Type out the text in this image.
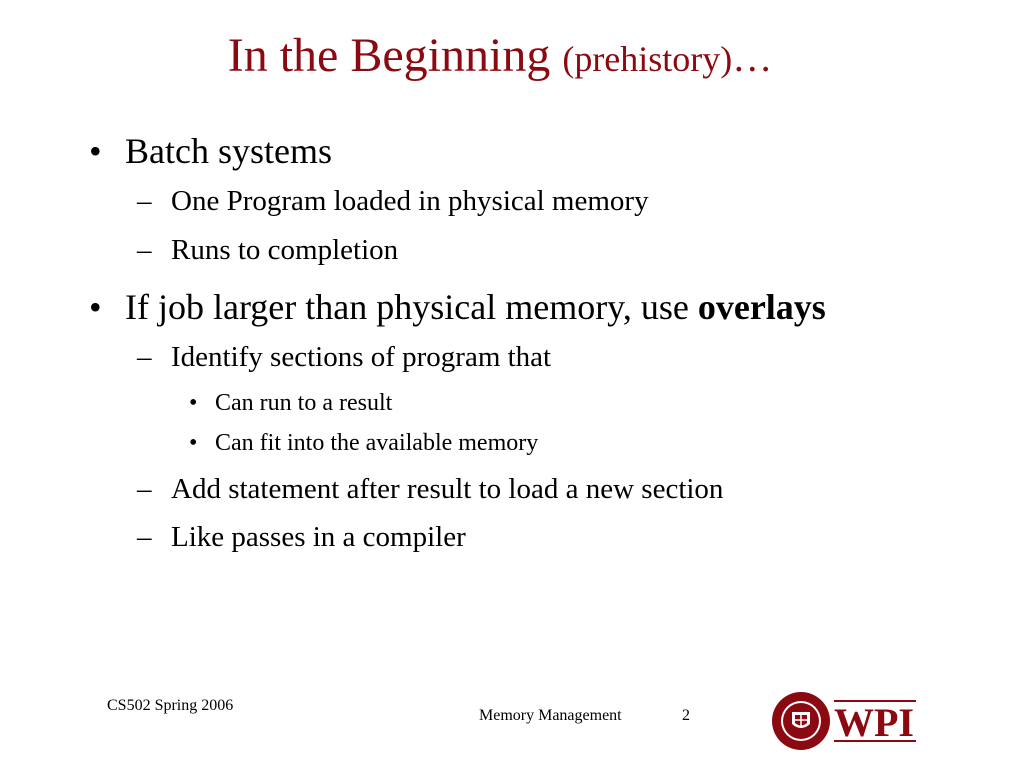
In the Beginning (prehistory)…
• Batch systems
– One Program loaded in physical memory
– Runs to completion
• If job larger than physical memory, use overlays
– Identify sections of program that
• Can run to a result
• Can fit into the available memory
– Add statement after result to load a new section
– Like passes in a compiler
CS502 Spring 2006
Memory Management	2	WPI
